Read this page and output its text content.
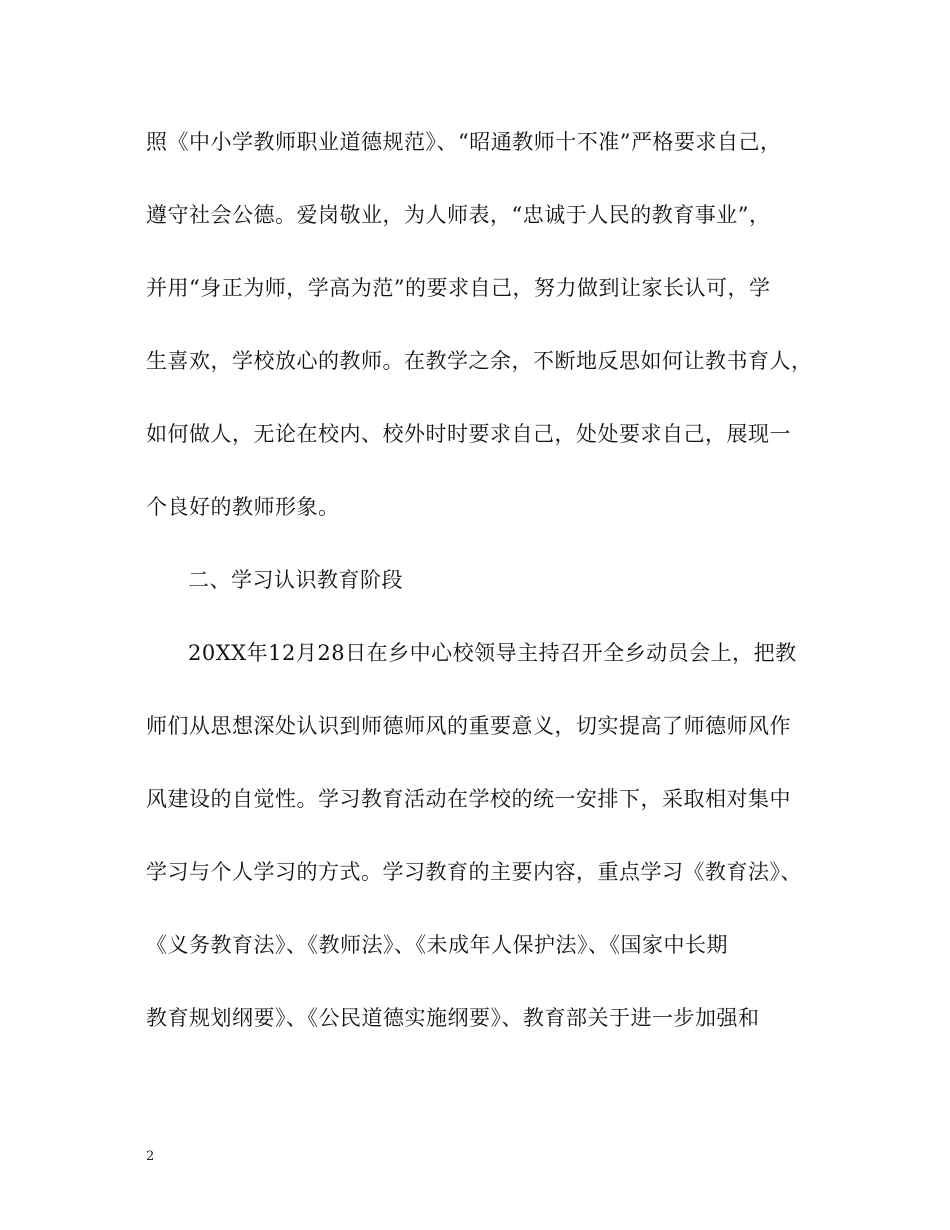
照《中小学教师职业道德规范》、“昭通教师十不准”严格要求自己，
遵守社会公德。爱岗敬业，为人师表，“忠诚于人民的教育事业”，
并用“身正为师，学高为范”的要求自己，努力做到让家长认可，学
生喜欢，学校放心的教师。在教学之余，不断地反思如何让教书育人，
如何做人，无论在校内、校外时时要求自己，处处要求自己，展现一
个良好的教师形象。
二、学习认识教育阶段
20XX年12月28日在乡中心校领导主持召开全乡动员会上，把教
师们从思想深处认识到师德师风的重要意义，切实提高了师德师风作
风建设的自觉性。学习教育活动在学校的统一安排下，采取相对集中
学习与个人学习的方式。学习教育的主要内容，重点学习《教育法》、
《义务教育法》、《教师法》、《未成年人保护法》、《国家中长期
教育规划纲要》、《公民道德实施纲要》、教育部关于进一步加强和
2
